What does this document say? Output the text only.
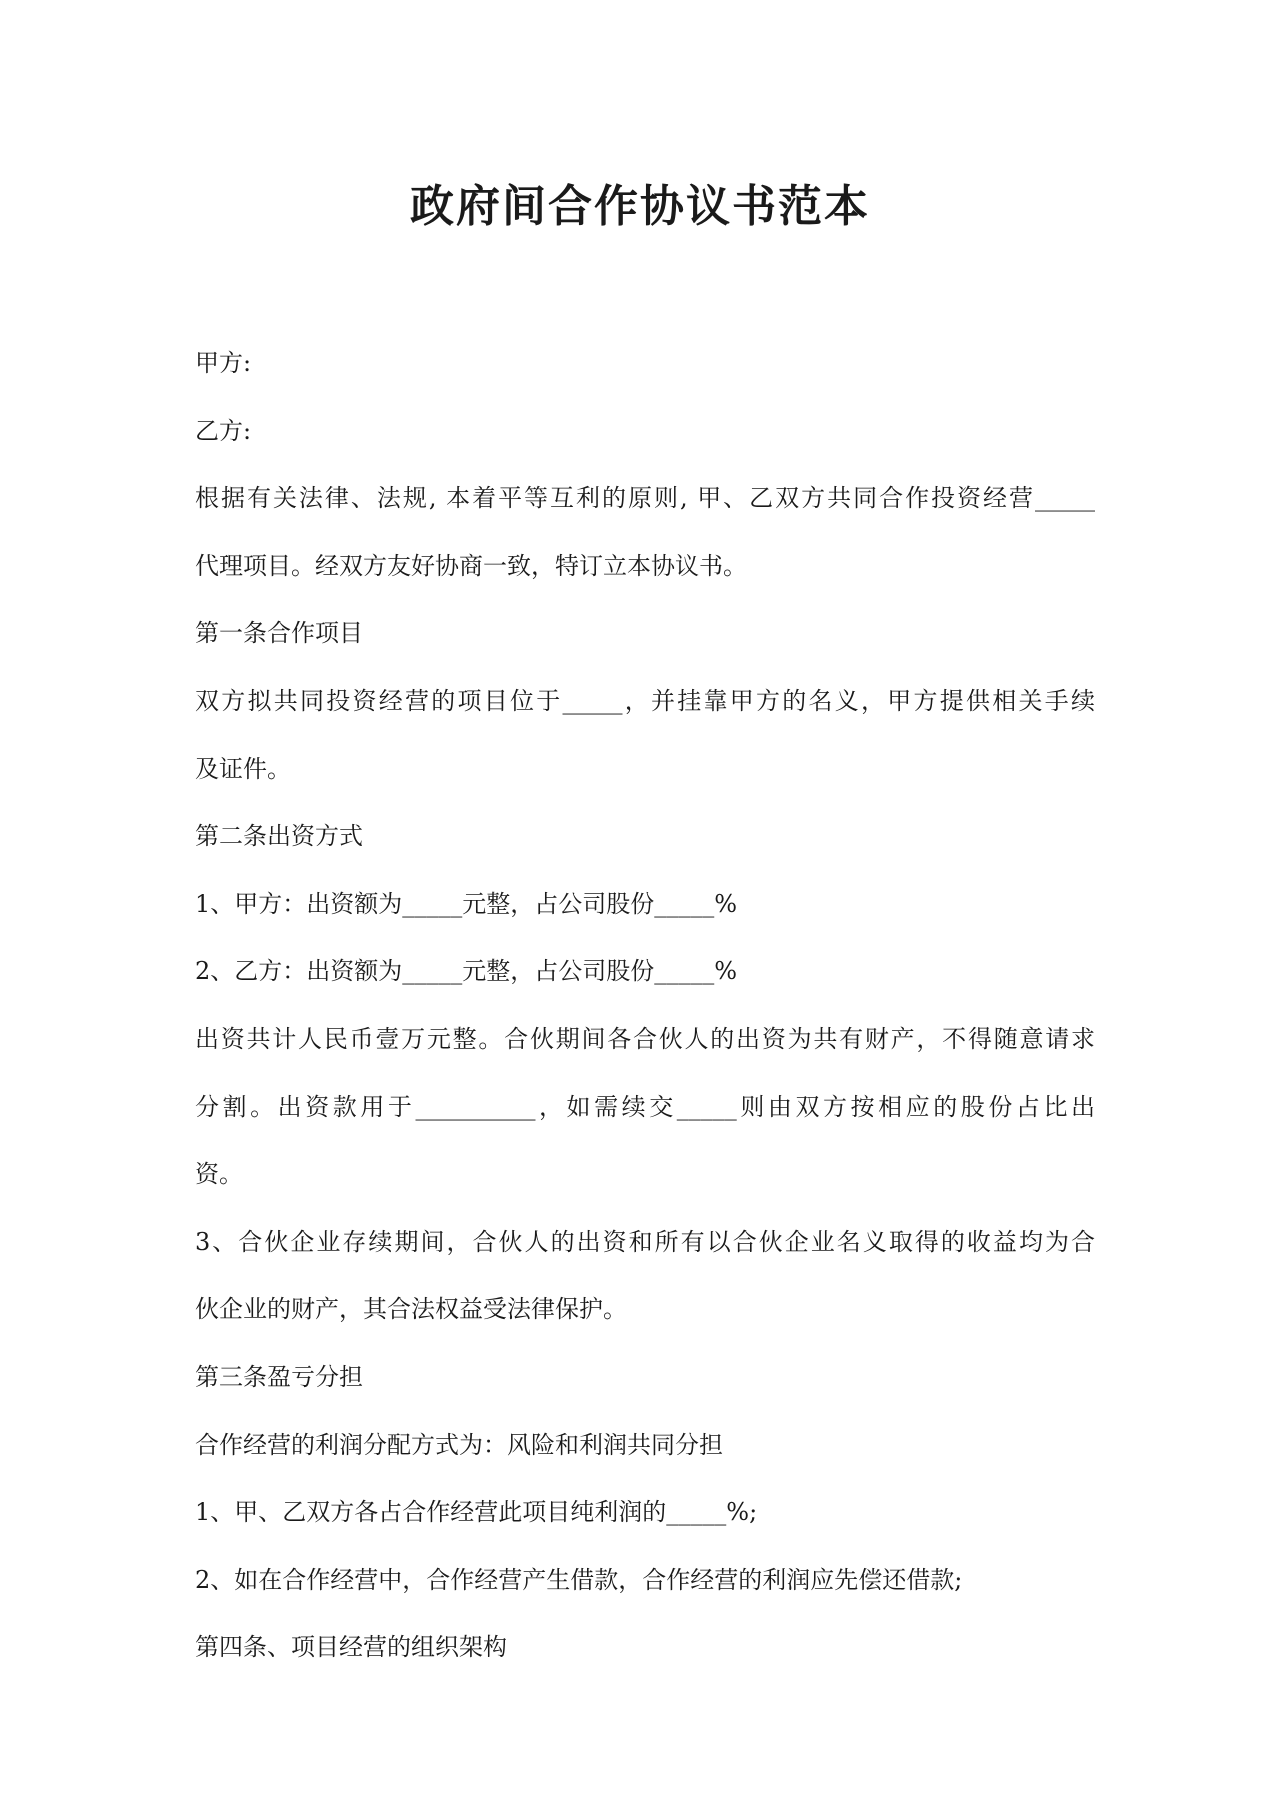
政府间合作协议书范本

甲方:

乙方:

根据有关法律、法规, 本着平等互利的原则, 甲、乙双方共同合作投资经营_____

代理项目。经双方友好协商一致，特订立本协议书。

第一条合作项目

双方拟共同投资经营的项目位于_____，并挂靠甲方的名义，甲方提供相关手续

及证件。

第二条出资方式

1、甲方：出资额为_____元整，占公司股份_____%

2、乙方：出资额为_____元整，占公司股份_____%

出资共计人民币壹万元整。合伙期间各合伙人的出资为共有财产，不得随意请求

分割。出资款用于__________，如需续交_____则由双方按相应的股份占比出

资。

3、合伙企业存续期间，合伙人的出资和所有以合伙企业名义取得的收益均为合

伙企业的财产，其合法权益受法律保护。

第三条盈亏分担

合作经营的利润分配方式为：风险和利润共同分担

1、甲、乙双方各占合作经营此项目纯利润的_____%;

2、如在合作经营中，合作经营产生借款，合作经营的利润应先偿还借款;

第四条、项目经营的组织架构
